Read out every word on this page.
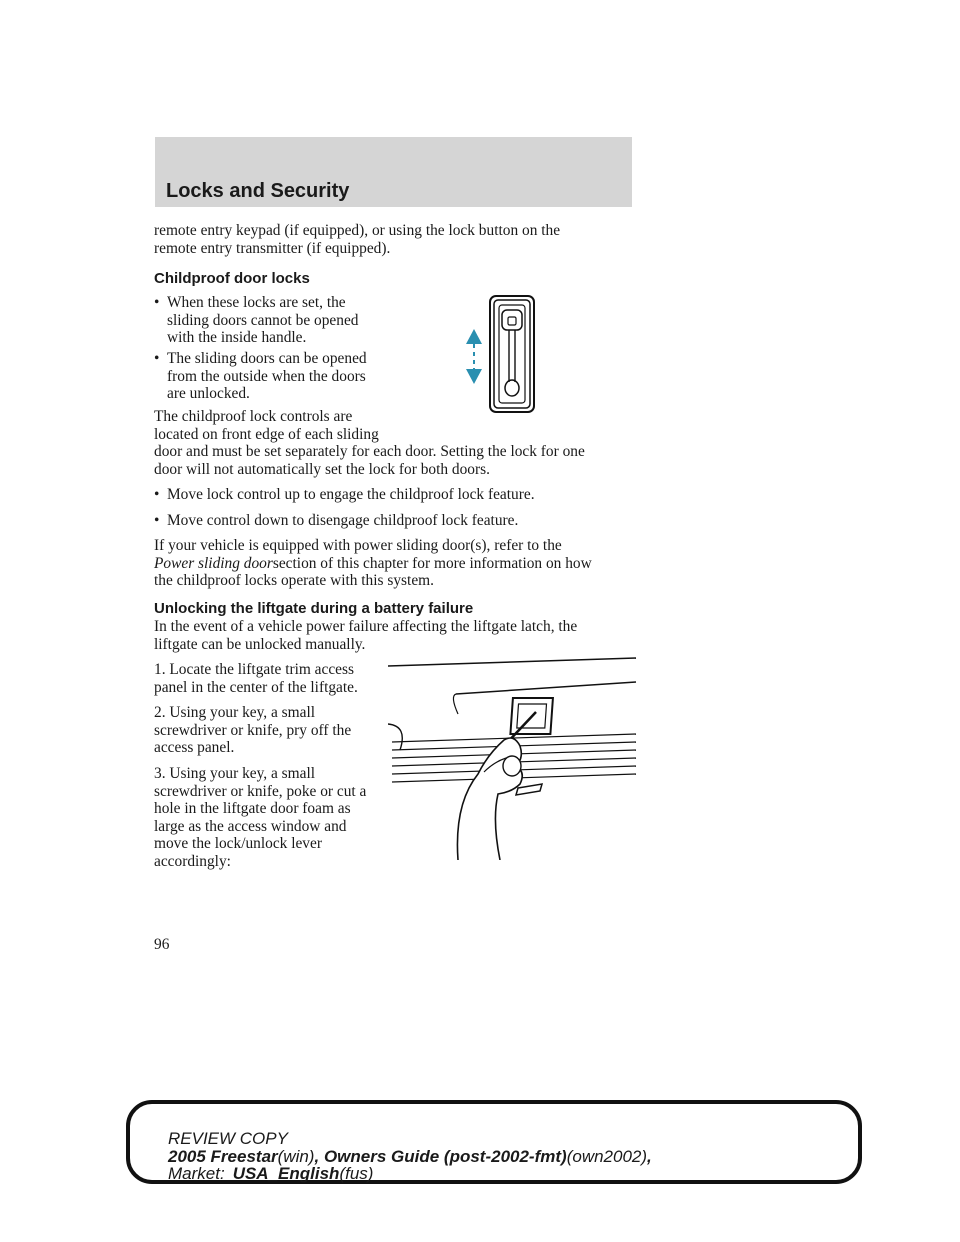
Locks and Security

remote entry keypad (if equipped), or using the lock button on the

remote entry transmitter (if equipped).

Childproof door locks
• When these locks are set, the
sliding doors cannot be opened
with the inside handle.
• The sliding doors can be opened
from the outside when the doors
are unlocked.

The childproof lock controls are

located on front edge of each sliding

door and must be set separately for each door. Setting the lock for one

door will not automatically set the lock for both doors.

• Move lock control up to engage the childproof lock feature.
• Move control down to disengage childproof lock feature.

If your vehicle is equipped with power sliding door(s), refer to the

Power sliding doorsection of this chapter for more information on how

the childproof locks operate with this system.

Unlocking the liftgate during a battery failure

In the event of a vehicle power failure affecting the liftgate latch, the

liftgate can be unlocked manually.

1. Locate the liftgate trim access

panel in the center of the liftgate.

2. Using your key, a small

screwdriver or knife, pry off the

access panel.

3. Using your key, a small

screwdriver or knife, poke or cut a

hole in the liftgate door foam as

large as the access window and

move the lock/unlock lever

accordingly:

96

REVIEW COPY
2005 Freestar(win), Owners Guide (post-2002-fmt)(own2002),
Market: USA_English(fus)
